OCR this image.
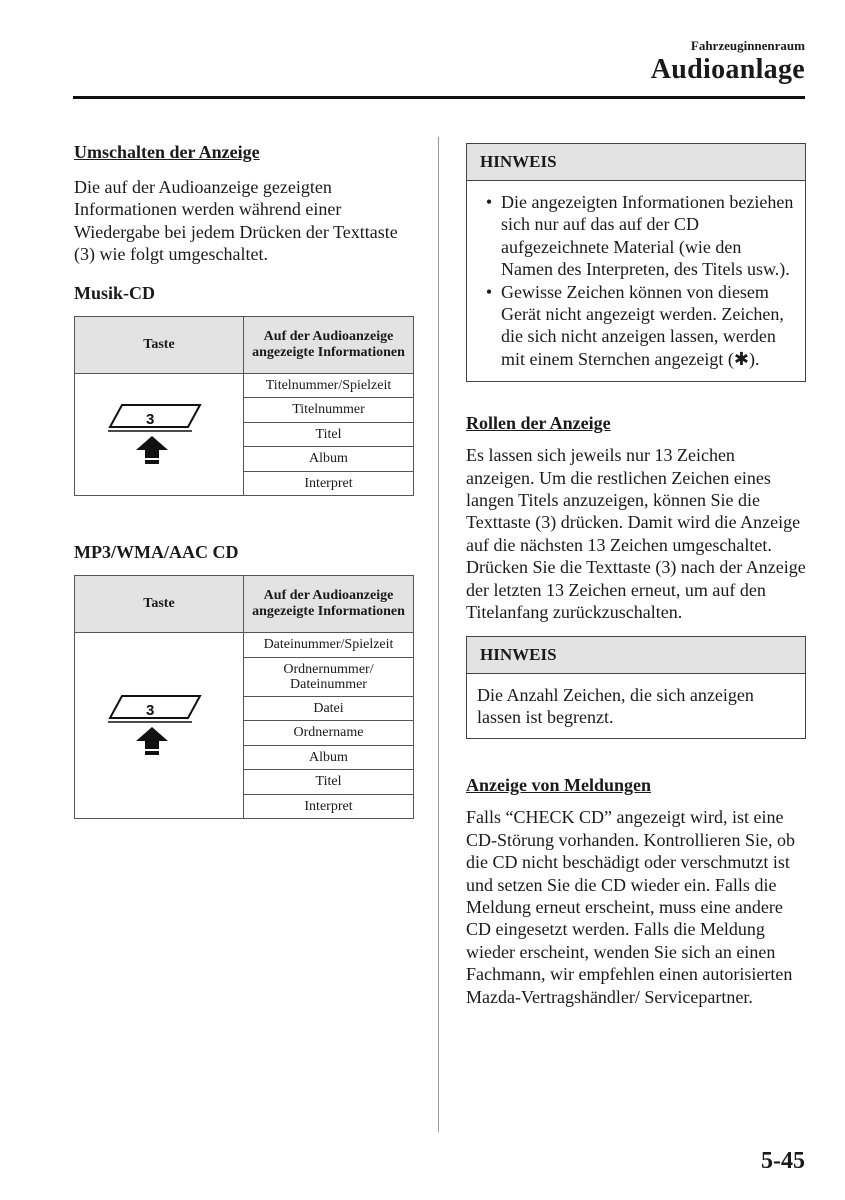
Fahrzeuginnenraum
Audioanlage

Umschalten der Anzeige

Die auf der Audioanzeige gezeigten Informationen werden während einer Wiedergabe bei jedem Drücken der Texttaste (3) wie folgt umgeschaltet.

Musik-CD

Taste	Auf der Audioanzeige angezeigte Informationen

3	Titelnummer/Spielzeit
	Titelnummer
	Titel
	Album
	Interpret

MP3/WMA/AAC CD

Taste	Auf der Audioanzeige angezeigte Informationen

3	Dateinummer/Spielzeit
	Ordnernummer/ Dateinummer
	Datei
	Ordnername
	Album
	Titel
	Interpret
HINWEIS
• Die angezeigten Informationen beziehen sich nur auf das auf der CD aufgezeichnete Material (wie den Namen des Interpreten, des Titels usw.).
• Gewisse Zeichen können von diesem Gerät nicht angezeigt werden. Zeichen, die sich nicht anzeigen lassen, werden mit einem Sternchen angezeigt (✱).

Rollen der Anzeige

Es lassen sich jeweils nur 13 Zeichen anzeigen. Um die restlichen Zeichen eines langen Titels anzuzeigen, können Sie die Texttaste (3) drücken. Damit wird die Anzeige auf die nächsten 13 Zeichen umgeschaltet. Drücken Sie die Texttaste (3) nach der Anzeige der letzten 13 Zeichen erneut, um auf den Titelanfang zurückzuschalten.

HINWEIS
Die Anzahl Zeichen, die sich anzeigen lassen ist begrenzt.

Anzeige von Meldungen

Falls “CHECK CD” angezeigt wird, ist eine CD-Störung vorhanden. Kontrollieren Sie, ob die CD nicht beschädigt oder verschmutzt ist und setzen Sie die CD wieder ein. Falls die Meldung erneut erscheint, muss eine andere CD eingesetzt werden. Falls die Meldung wieder erscheint, wenden Sie sich an einen Fachmann, wir empfehlen einen autorisierten Mazda-Vertragshändler/ Servicepartner.

5-45
